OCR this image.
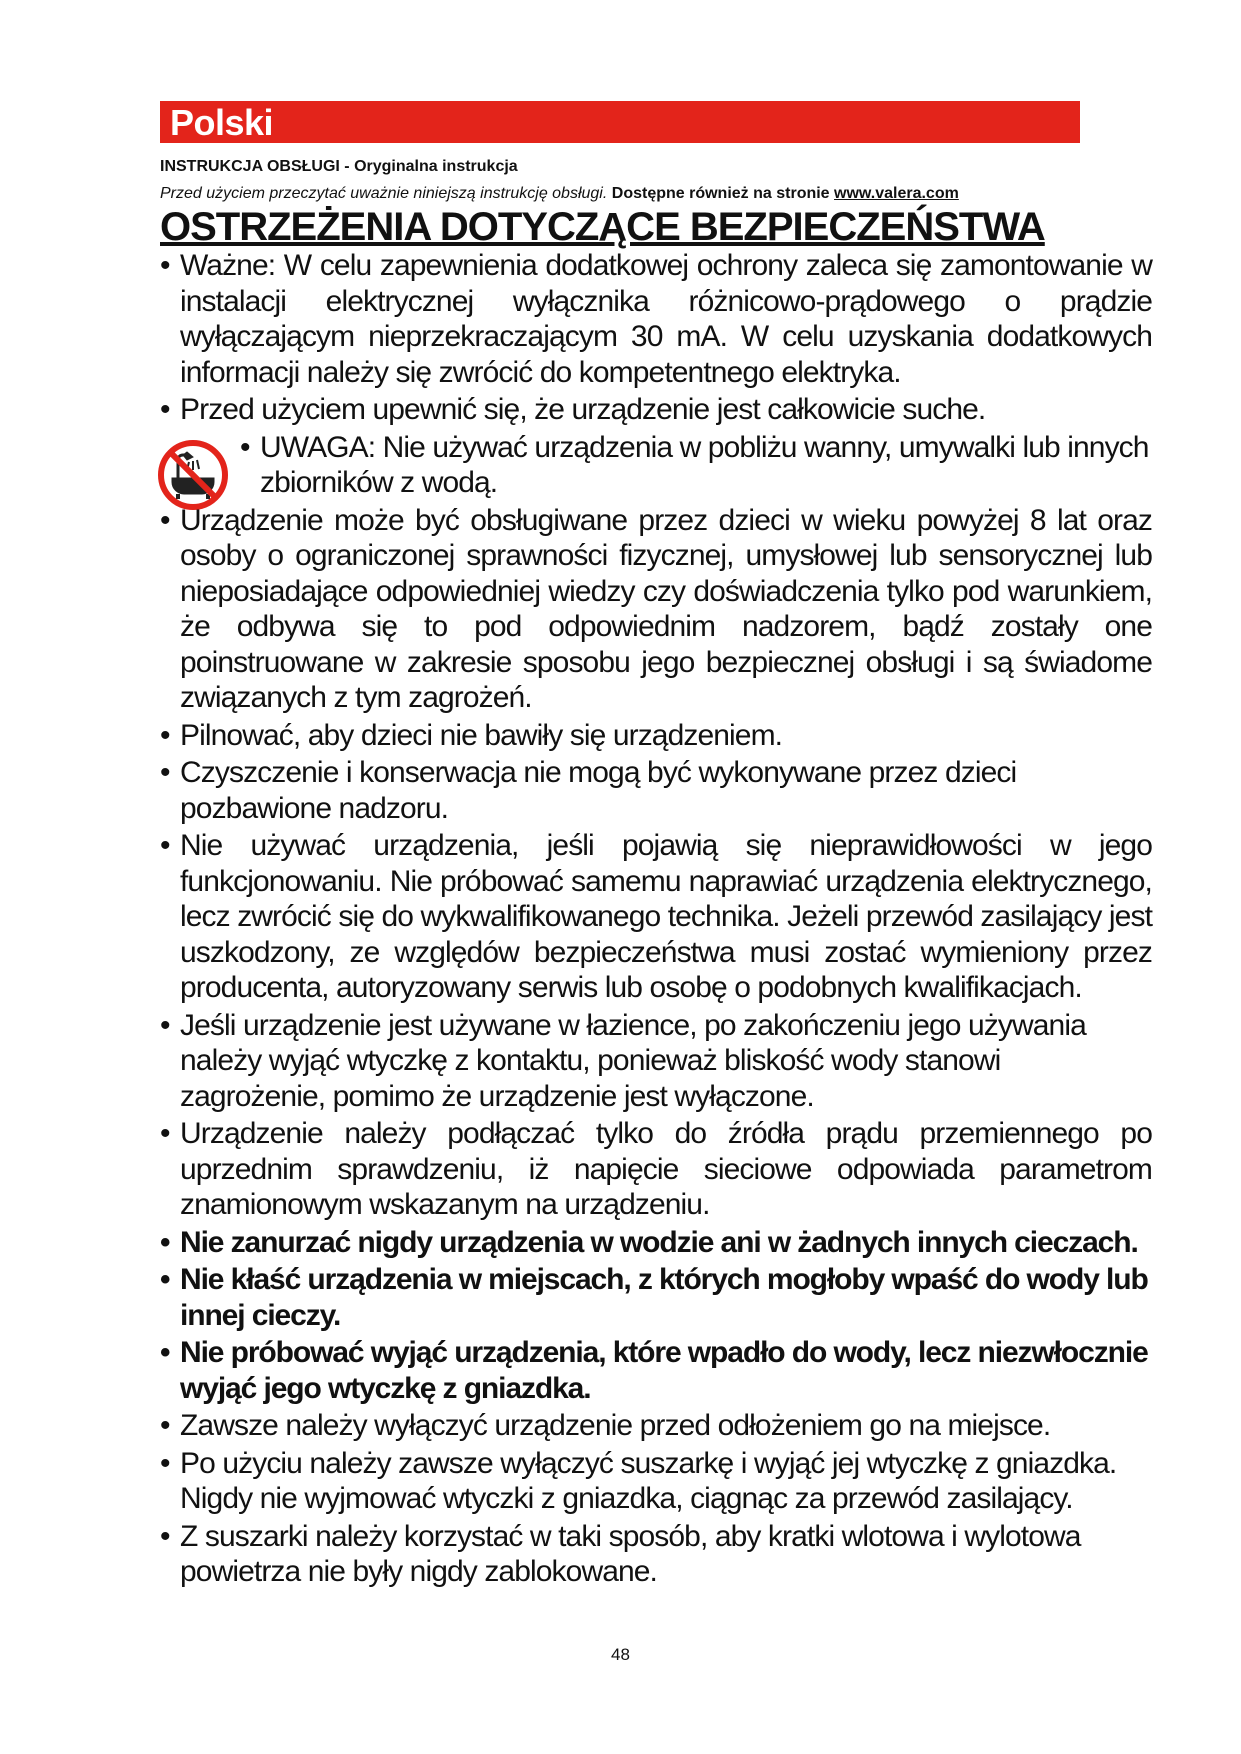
Polski
INSTRUKCJA OBSŁUGI - Oryginalna instrukcja
Przed użyciem przeczytać uważnie niniejszą instrukcję obsługi. Dostępne również na stronie www.valera.com
OSTRZEŻENIA DOTYCZĄCE BEZPIECZEŃSTWA

• Ważne: W celu zapewnienia dodatkowej ochrony zaleca się zamontowanie w instalacji elektrycznej wyłącznika różnicowo-prądowego o prądzie wyłączającym nieprzekraczającym 30 mA. W celu uzyskania dodatkowych informacji należy się zwrócić do kompetentnego elektryka.

• Przed użyciem upewnić się, że urządzenie jest całkowicie suche.

• UWAGA: Nie używać urządzenia w pobliżu wanny, umywalki lub innych zbiorników z wodą.

• Urządzenie może być obsługiwane przez dzieci w wieku powyżej 8 lat oraz osoby o ograniczonej sprawności fizycznej, umysłowej lub sensorycznej lub nieposiadające odpowiedniej wiedzy czy doświadczenia tylko pod warunkiem, że odbywa się to pod odpowiednim nadzorem, bądź zostały one poinstruowane w zakresie sposobu jego bezpiecznej obsługi i są świadome związanych z tym zagrożeń.

• Pilnować, aby dzieci nie bawiły się urządzeniem.

• Czyszczenie i konserwacja nie mogą być wykonywane przez dzieci pozbawione nadzoru.

• Nie używać urządzenia, jeśli pojawią się nieprawidłowości w jego funkcjonowaniu. Nie próbować samemu naprawiać urządzenia elektrycznego, lecz zwrócić się do wykwalifikowanego technika. Jeżeli przewód zasilający jest uszkodzony, ze względów bezpieczeństwa musi zostać wymieniony przez producenta, autoryzowany serwis lub osobę o podobnych kwalifikacjach.

• Jeśli urządzenie jest używane w łazience, po zakończeniu jego używania należy wyjąć wtyczkę z kontaktu, ponieważ bliskość wody stanowi zagrożenie, pomimo że urządzenie jest wyłączone.

• Urządzenie należy podłączać tylko do źródła prądu przemiennego po uprzednim sprawdzeniu, iż napięcie sieciowe odpowiada parametrom znamionowym wskazanym na urządzeniu.

• Nie zanurzać nigdy urządzenia w wodzie ani w żadnych innych cieczach.

• Nie kłaść urządzenia w miejscach, z których mogłoby wpaść do wody lub innej cieczy.

• Nie próbować wyjąć urządzenia, które wpadło do wody, lecz niezwłocznie wyjąć jego wtyczkę z gniazdka.

• Zawsze należy wyłączyć urządzenie przed odłożeniem go na miejsce.

• Po użyciu należy zawsze wyłączyć suszarkę i wyjąć jej wtyczkę z gniazdka. Nigdy nie wyjmować wtyczki z gniazdka, ciągnąc za przewód zasilający.

• Z suszarki należy korzystać w taki sposób, aby kratki wlotowa i wylotowa powietrza nie były nigdy zablokowane.

48
